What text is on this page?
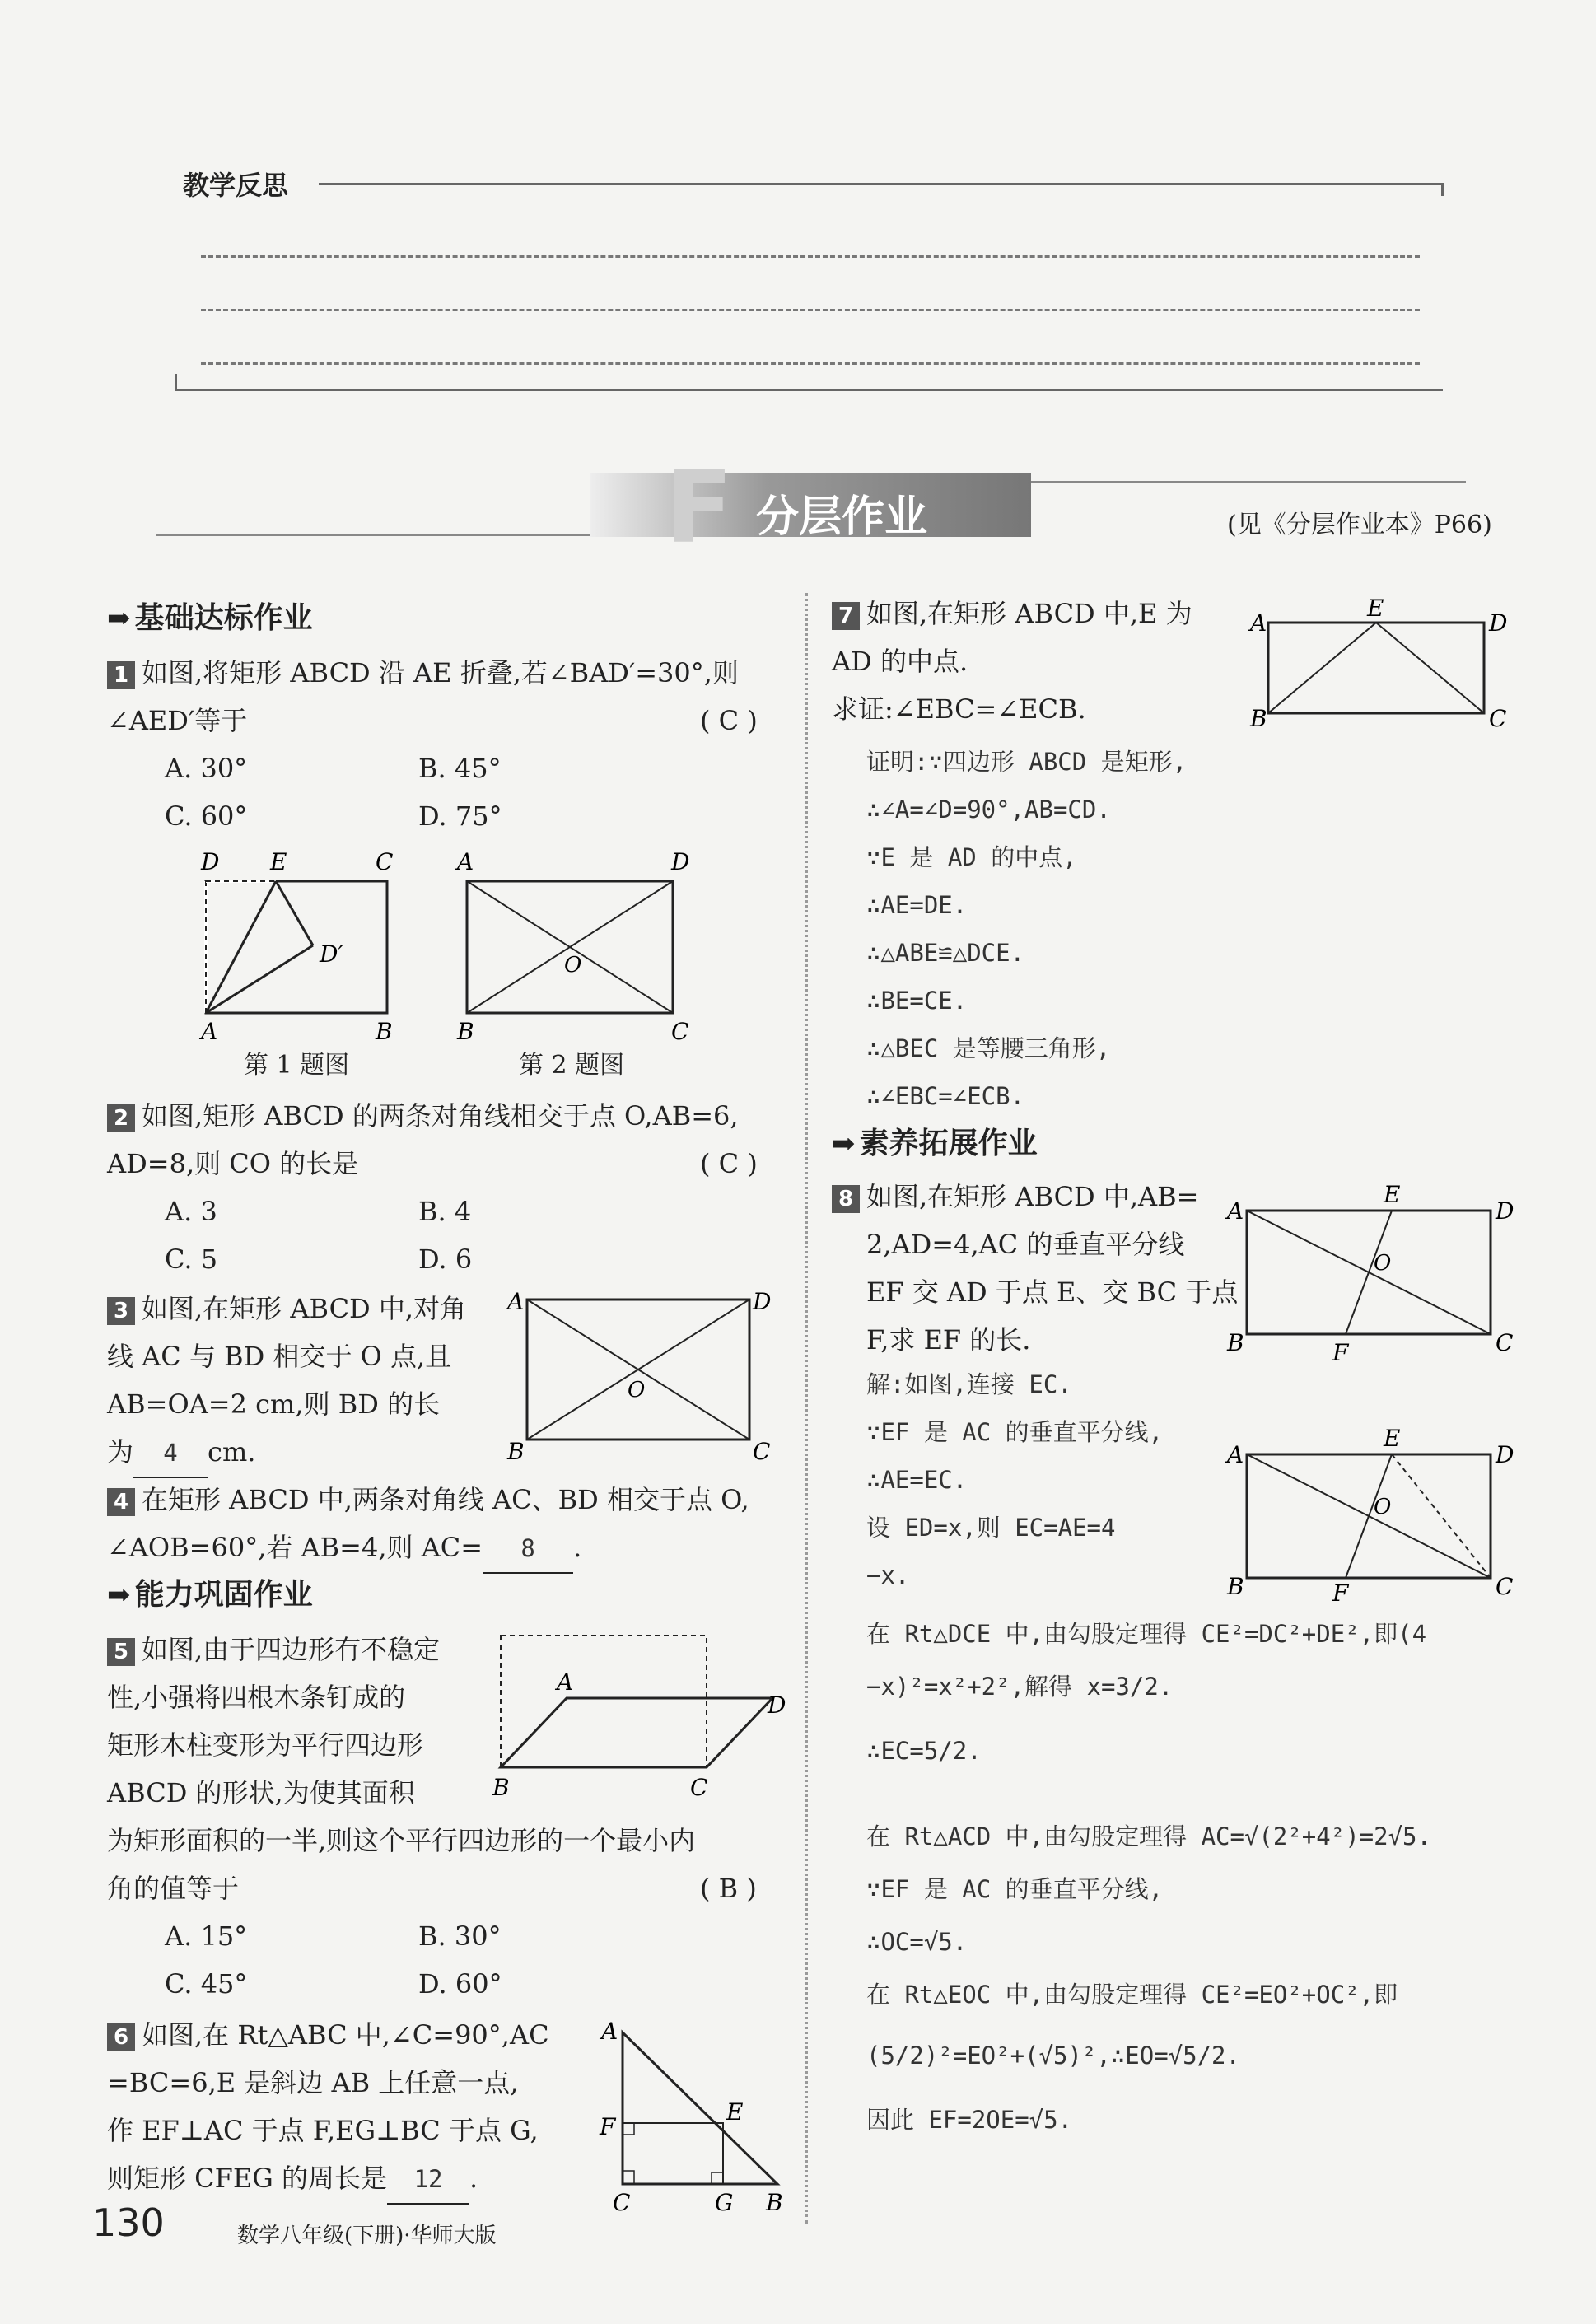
教学反思
F 分层作业	(见《分层作业本》P66)
➡ 基础达标作业
1 如图,将矩形 ABCD 沿 AE 折叠,若∠BAD′=30°,则
∠AED′等于	( C )
A. 30°	B. 45°
C. 60°	D. 75°
D E	C
D′
A	B
A	D
O
B	C
第 1 题图	第 2 题图
2 如图,矩形 ABCD 的两条对角线相交于点 O,AB=6,
AD=8,则 CO 的长是	( C )
A. 3	B. 4
C. 5	D. 6
3 如图,在矩形 ABCD 中,对角
线 AC 与 BD 相交于 O 点,且
AB=OA=2 cm,则 BD 的长
为 4 cm.
A	D
O
B	C
4 在矩形 ABCD 中,两条对角线 AC、BD 相交于点 O,
∠AOB=60°,若 AB=4,则 AC= 8 .
➡ 能力巩固作业
5 如图,由于四边形有不稳定
性,小强将四根木条钉成的
矩形木柱变形为平行四边形
ABCD 的形状,为使其面积
为矩形面积的一半,则这个平行四边形的一个最小内
角的值等于	( B )
A. 15°	B. 30°
C. 45°	D. 60°
A
D
B	C
6 如图,在 Rt△ABC 中,∠C=90°,AC
=BC=6,E 是斜边 AB 上任意一点,
作 EF⊥AC 于点 F,EG⊥BC 于点 G,
则矩形 CFEG 的周长是 12 .
A
E
F
C	G B
7 如图,在矩形 ABCD 中,E 为
AD 的中点.
求证:∠EBC=∠ECB.
A
E
D
B	C
证明:∵四边形 ABCD 是矩形,
∴∠A=∠D=90°,AB=CD.
∵E 是 AD 的中点,
∴AE=DE.
∴△ABE≌△DCE.
∴BE=CE.
∴△BEC 是等腰三角形,
∴∠EBC=∠ECB.
➡ 素养拓展作业
8 如图,在矩形 ABCD 中,AB=
2,AD=4,AC 的垂直平分线
EF 交 AD 于点 E、交 BC 于点
F,求 EF 的长.
A
E
D
O
B	F	C
解:如图,连接 EC.
∵EF 是 AC 的垂直平分线,
∴AE=EC.
设 ED=x,则 EC=AE=4
−x.
A
E
D
O
B	F	C
在 Rt△DCE 中,由勾股定理得 CE²=DC²+DE²,即(4
−x)²=x²+2²,解得 x=3/2.
∴EC=5/2.
在 Rt△ACD 中,由勾股定理得 AC=√(2²+4²)=2√5.
∵EF 是 AC 的垂直平分线,
∴OC=√5.
在 Rt△EOC 中,由勾股定理得 CE²=EO²+OC²,即
(5/2)²=EO²+(√5)²,∴EO=√5/2.
因此 EF=2OE=√5.
130	数学八年级(下册)·华师大版
